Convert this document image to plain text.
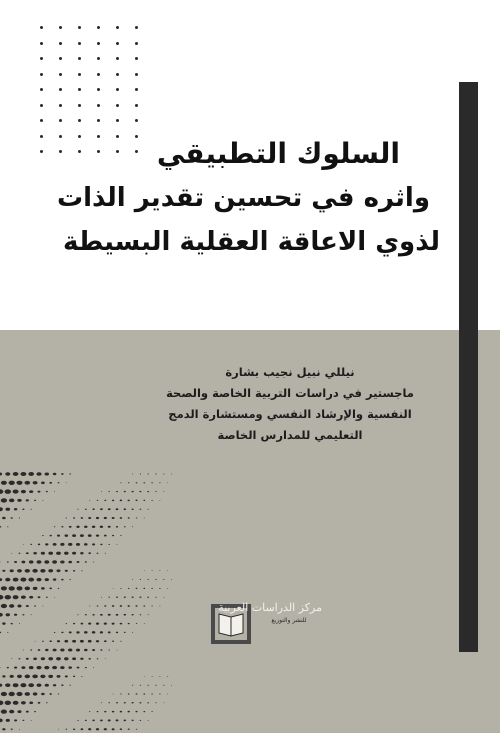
السلوك التطبيقي
واثره في تحسين تقدير الذات
لذوي الاعاقة العقلية البسيطة
نيللي نبيل نجيب بشارة
ماجستير في دراسات التربية الخاصة والصحة
النفسية والإرشاد النفسي ومستشارة الدمج
التعليمي للمدارس الخاصة
مركز الدراسات العربية
للنشر والتوزيع
